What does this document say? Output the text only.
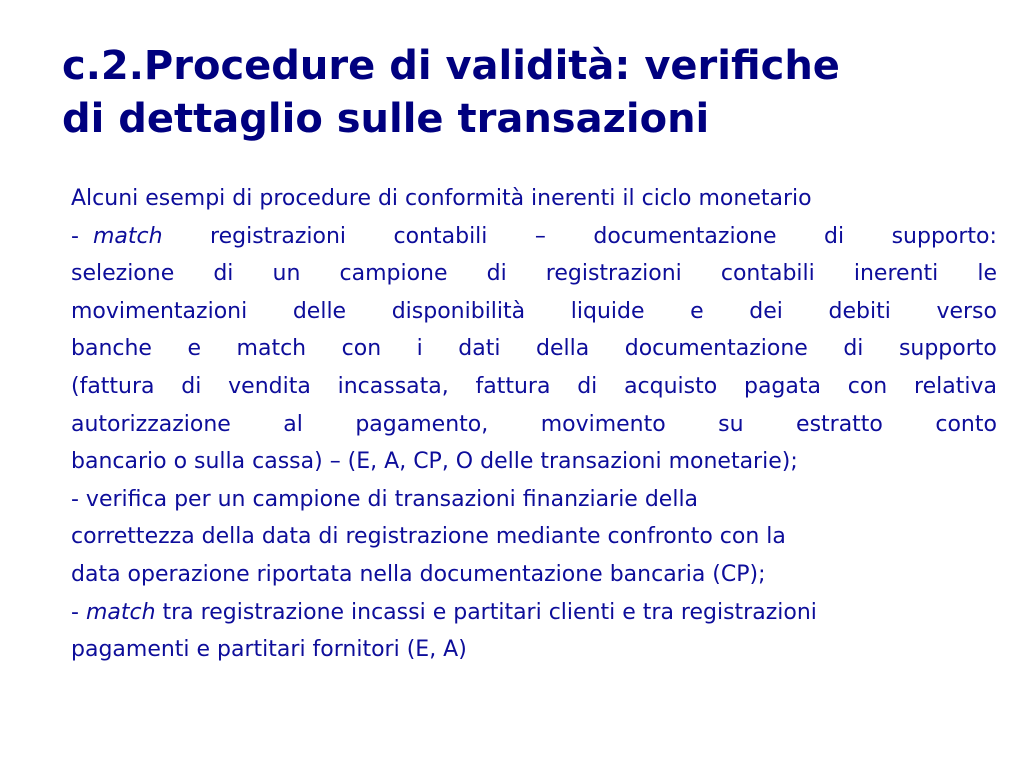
c.2.Procedure di validità: verifiche
di dettaglio sulle transazioni
Alcuni esempi di procedure di conformità inerenti il ciclo monetario
- match registrazioni contabili – documentazione di supporto:
selezione di un campione di registrazioni contabili inerenti le
movimentazioni delle disponibilità liquide e dei debiti verso
banche e match con i dati della documentazione di supporto
(fattura di vendita incassata, fattura di acquisto pagata con relativa
autorizzazione al pagamento, movimento su estratto conto
bancario o sulla cassa) – (E, A, CP, O delle transazioni monetarie);
- verifica per un campione di transazioni finanziarie della
correttezza della data di registrazione mediante confronto con la
data operazione riportata nella documentazione bancaria (CP);
- match tra registrazione incassi e partitari clienti e tra registrazioni
pagamenti e partitari fornitori (E, A)
